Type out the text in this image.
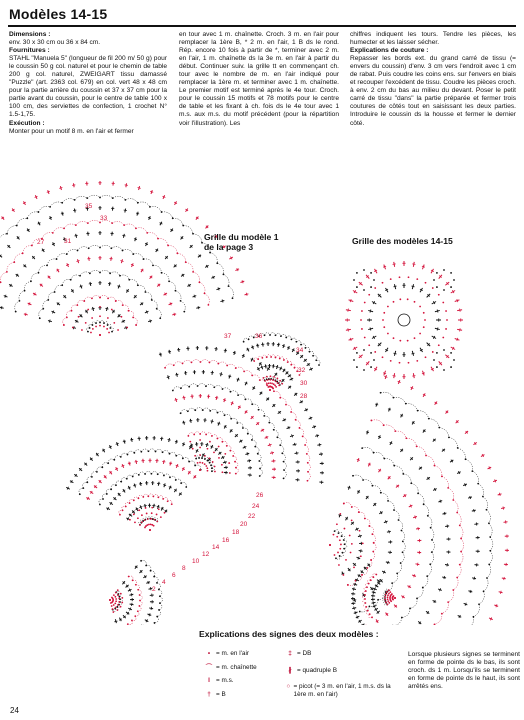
Modèles 14-15

Dimensions :

env. 30 x 30 cm ou 36 x 84 cm.

Fournitures :

STAHL "Manuela 5" (longueur de fil 200 m/ 50 g) pour le coussin 50 g col. naturel et pour le chemin de table 200 g col. naturel, ZWEIGART tissu damassé "Puzzle" (art. 2363 col. 679) en col. vert 48 x 48 cm pour la partie arrière du coussin et 37 x 37 cm pour la partie avant du coussin, pour le centre de table 100 x 100 cm, des serviettes de confection, 1 crochet N° 1.5-1,75.

Exécution :

Monter pour un motif 8 m. en l'air et fermer

en tour avec 1 m. chaînette. Croch. 3 m. en l'air pour remplacer la 1ère B, * 2 m. en l'air, 1 B ds le rond. Rép. encore 10 fois à partir de *, terminer avec 2 m. en l'air, 1 m. chaînette ds la 3e m. en l'air à partir du début. Continuer suiv. la grille tt en commençant ch. tour avec le nombre de m. en l'air indiqué pour remplacer la 1ère m. et terminer avec 1 m. chaînette. Le premier motif est terminé après le 4e tour. Croch. pour le coussin 15 motifs et 78 motifs pour le centre de table et les fixant à ch. fois ds le 4e tour avec 1 m.s. aux m.s. du motif précédent (pour la répartition voir l'illustration). Les

chiffres indiquent les tours. Tendre les pièces, les humecter et les laisser sécher.

Explications de couture :

Repasser les bords ext. du grand carré de tissu (= envers du coussin) d'env. 3 cm vers l'endroit avec 1 cm de rabat. Puis coudre les coins ens. sur l'envers en biais et recouper l'excédent de tissu. Coudre les pièces croch. à env. 2 cm du bas au milieu du devant. Poser le petit carré de tissu "dans" la partie préparée et fermer trois coutures de côtés tout en saisissant les deux parties. Introduire le coussin ds la housse et fermer le dernier côté.

35
33
31
27
37	36
34
32
30
28
26
24
22
20
18
16
14
12
10
8
6
4
2
Grille du modèle 1
de la page 3
Grille des modèles 14-15
Explications des signes des deux modèles :
• = m. en l'air
⌒ = m. chaînette
I = m.s.
† = B
‡ = DB
∦ = quadruple B
○ = picot (= 3 m. en l'air, 1 m.s. ds la 1ère m. en l'air)
Lorsque plusieurs signes se terminent en forme de pointe ds le bas, ils sont croch. ds 1 m. Lorsqu'ils se terminent en forme de pointe ds le haut, ils sont arrêtés ens.
24
